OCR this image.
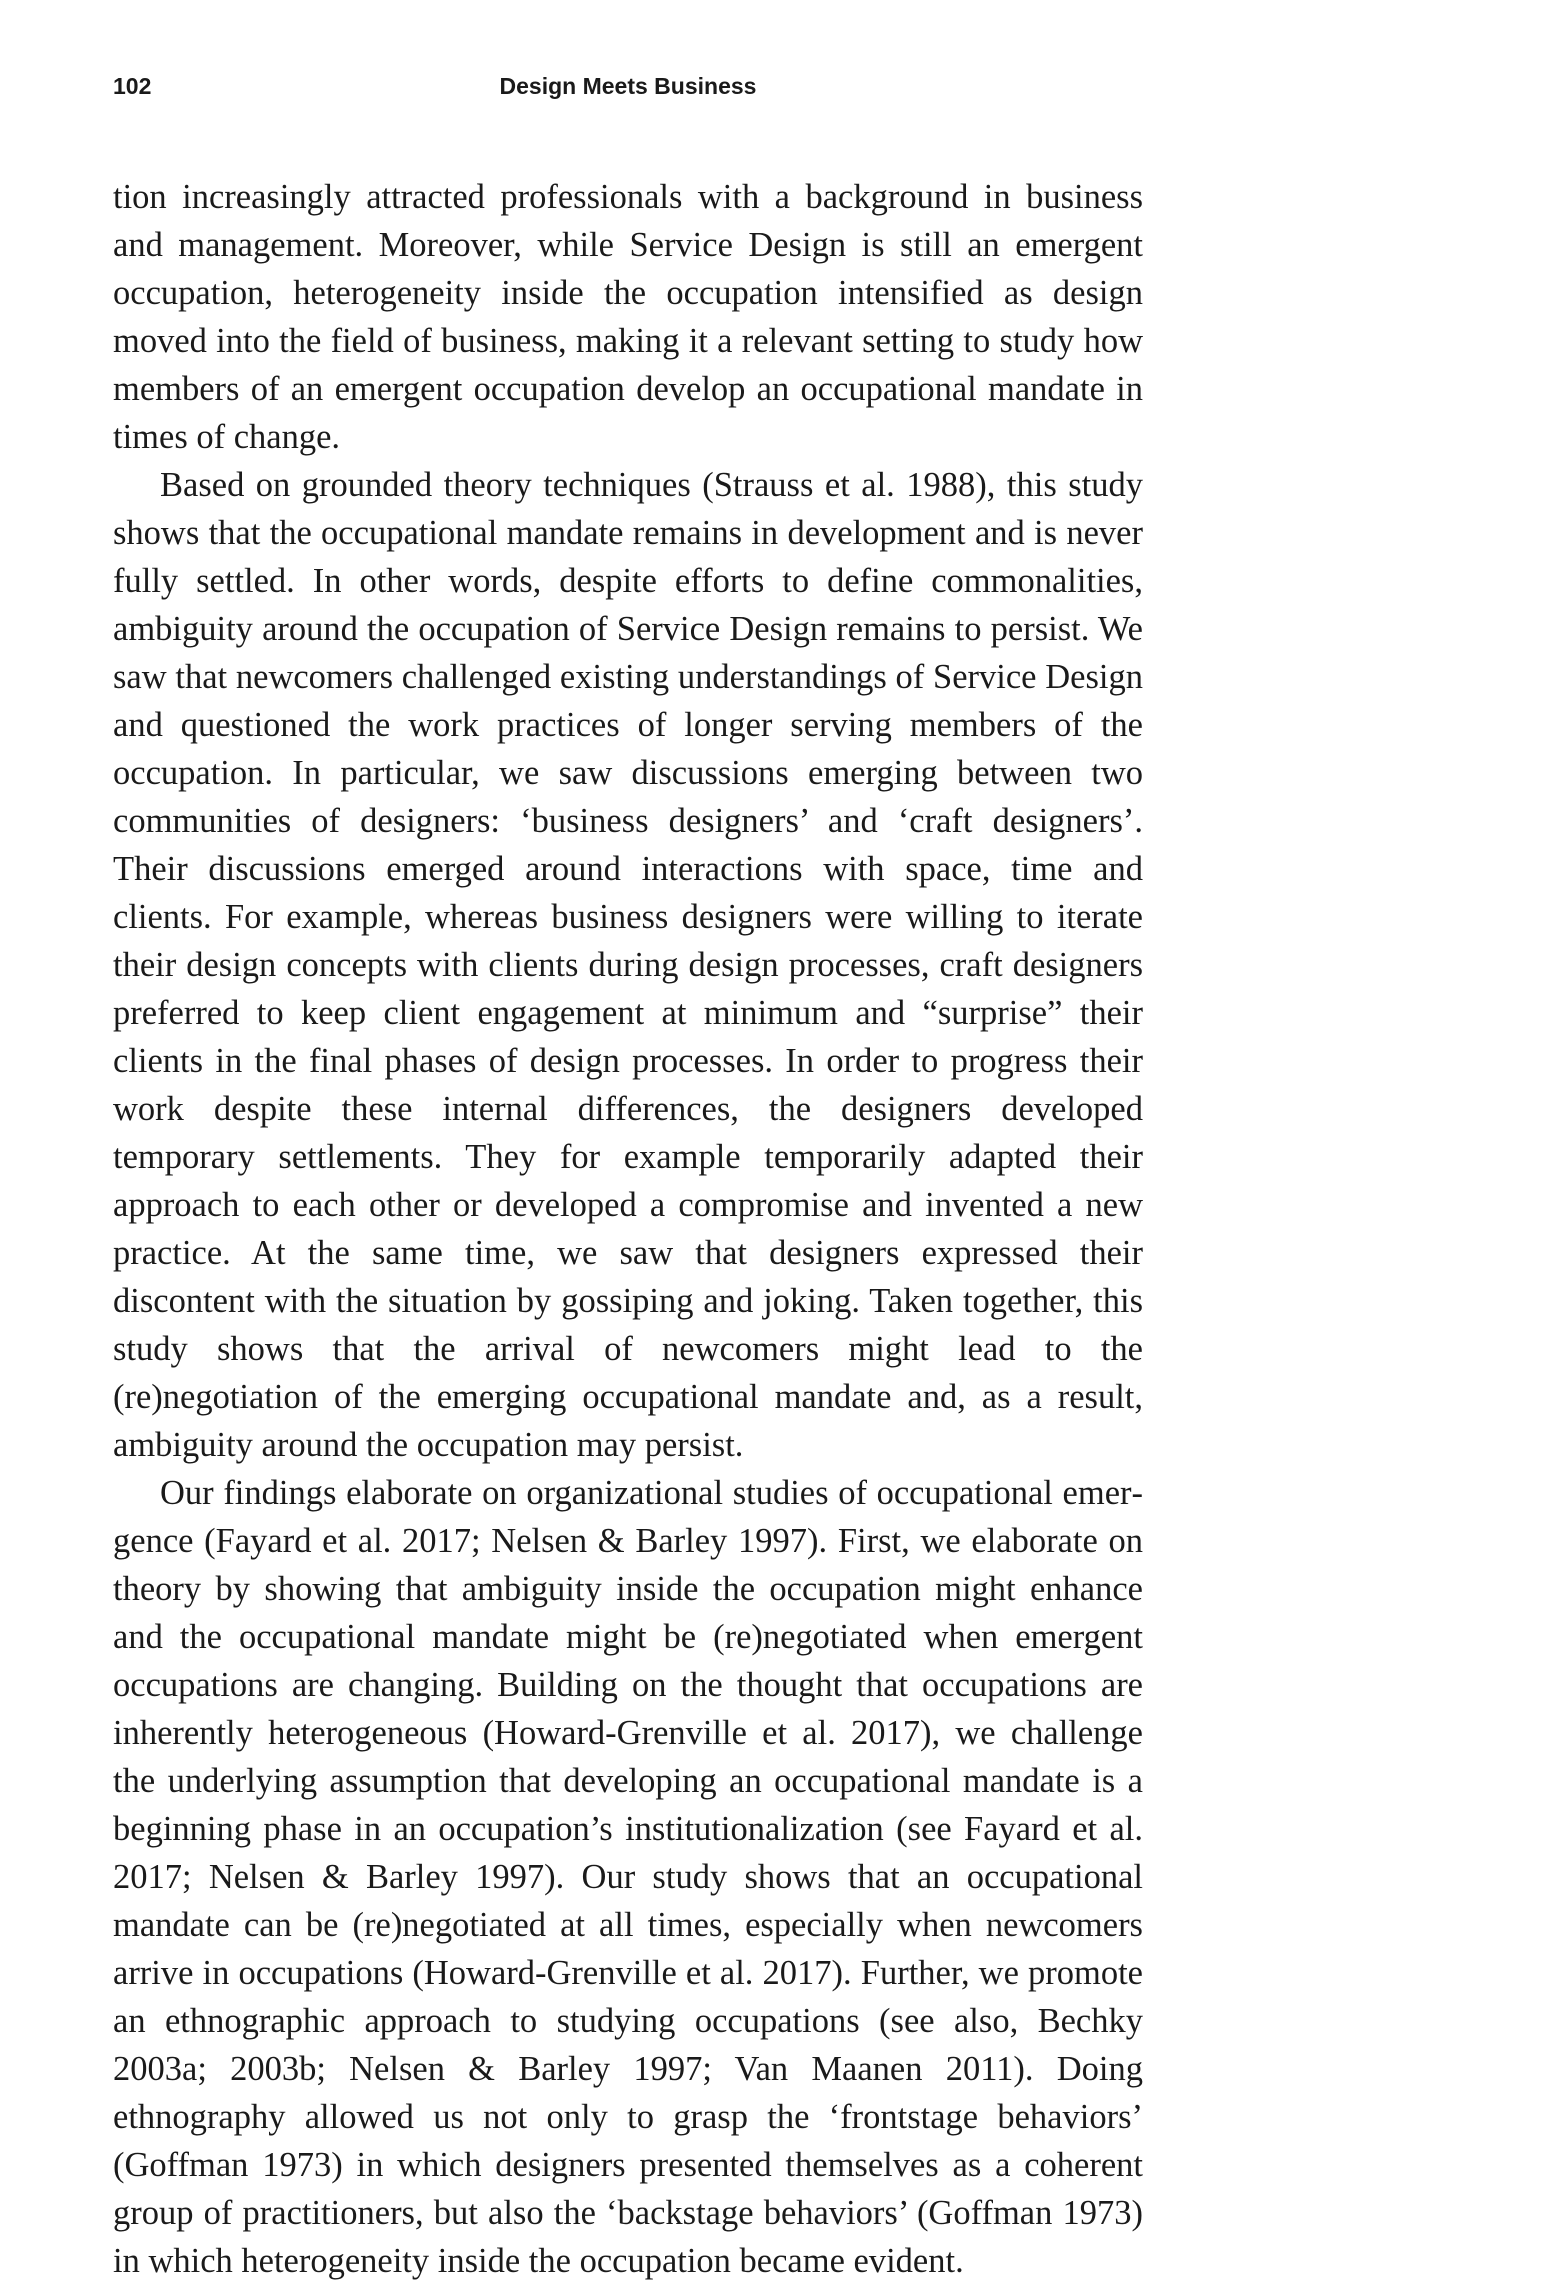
102	Design Meets Business

tion increasingly attracted professionals with a background in business and management. Moreover, while Service Design is still an emergent occupation, heterogeneity inside the occupation intensified as design moved into the field of business, making it a relevant setting to study how members of an emergent occupation develop an occupational mandate in times of change.

Based on grounded theory techniques (Strauss et al. 1988), this study shows that the occupational mandate remains in development and is never fully settled. In other words, despite efforts to define commonalities, ambiguity around the occupation of Service Design remains to persist. We saw that newcomers challenged existing understandings of Service Design and questioned the work practices of longer serving members of the occupation. In particular, we saw discussions emerging between two communities of designers: ‘business designers’ and ‘craft designers’. Their discussions emerged around interactions with space, time and clients. For example, whereas business designers were willing to iterate their design concepts with clients during design processes, craft designers preferred to keep client engagement at minimum and “surprise” their clients in the final phases of design processes. In order to progress their work despite these internal differences, the designers developed temporary settlements. They for example temporarily adapted their approach to each other or developed a compromise and invented a new practice. At the same time, we saw that designers expressed their discontent with the situation by gossiping and joking. Taken together, this study shows that the arrival of newcomers might lead to the (re)negotiation of the emerging occupational mandate and, as a result, ambiguity around the occupation may persist.

Our findings elaborate on organizational studies of occupational emergence (Fayard et al. 2017; Nelsen & Barley 1997). First, we elaborate on theory by showing that ambiguity inside the occupation might enhance and the occupational mandate might be (re)negotiated when emergent occupations are changing. Building on the thought that occupations are inherently heterogeneous (Howard-Grenville et al. 2017), we challenge the underlying assumption that developing an occupational mandate is a beginning phase in an occupation’s institutionalization (see Fayard et al. 2017; Nelsen & Barley 1997). Our study shows that an occupational mandate can be (re)negotiated at all times, especially when newcomers arrive in occupations (Howard-Grenville et al. 2017). Further, we promote an ethnographic approach to studying occupations (see also, Bechky 2003a; 2003b; Nelsen & Barley 1997; Van Maanen 2011). Doing ethnography allowed us not only to grasp the ‘frontstage behaviors’ (Goffman 1973) in which designers presented themselves as a coherent group of practitioners, but also the ‘backstage behaviors’ (Goffman 1973) in which heterogeneity inside the occupation became evident.
